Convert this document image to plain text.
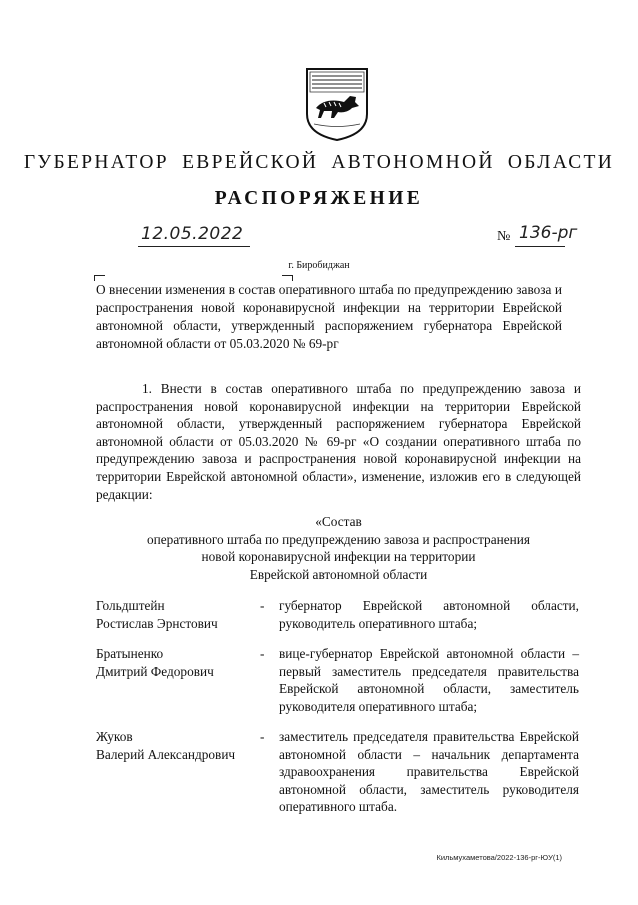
ГУБЕРНАТОР ЕВРЕЙСКОЙ АВТОНОМНОЙ ОБЛАСТИ
РАСПОРЯЖЕНИЕ
12.05.2022	№ 136-рг
г. Биробиджан
О внесении изменения в состав оперативного штаба по предупреждению завоза и распространения новой коронавирусной инфекции на территории Еврейской автономной области, утвержденный распоряжением губернатора Еврейской автономной области от 05.03.2020 № 69-рг
1. Внести в состав оперативного штаба по предупреждению завоза и распространения новой коронавирусной инфекции на территории Еврейской автономной области, утвержденный распоряжением губернатора Еврейской автономной области от 05.03.2020 № 69-рг «О создании оперативного штаба по предупреждению завоза и распространения новой коронавирусной инфекции на территории Еврейской автономной области», изменение, изложив его в следующей редакции:
«Состав
оперативного штаба по предупреждению завоза и распространения
новой коронавирусной инфекции на территории
Еврейской автономной области
Гольдштейн
Ростислав Эрнстович
- губернатор Еврейской автономной области, руководитель оперативного штаба;
Братыненко
Дмитрий Федорович
- вице-губернатор Еврейской автономной области – первый заместитель председателя правительства Еврейской автономной области, заместитель руководителя оперативного штаба;
Жуков
Валерий Александрович
- заместитель председателя правительства Еврейской автономной области – начальник департамента здравоохранения правительства Еврейской автономной области, заместитель руководителя оперативного штаба.
Кильмухаметова/2022-136-рг-ЮУ(1)
